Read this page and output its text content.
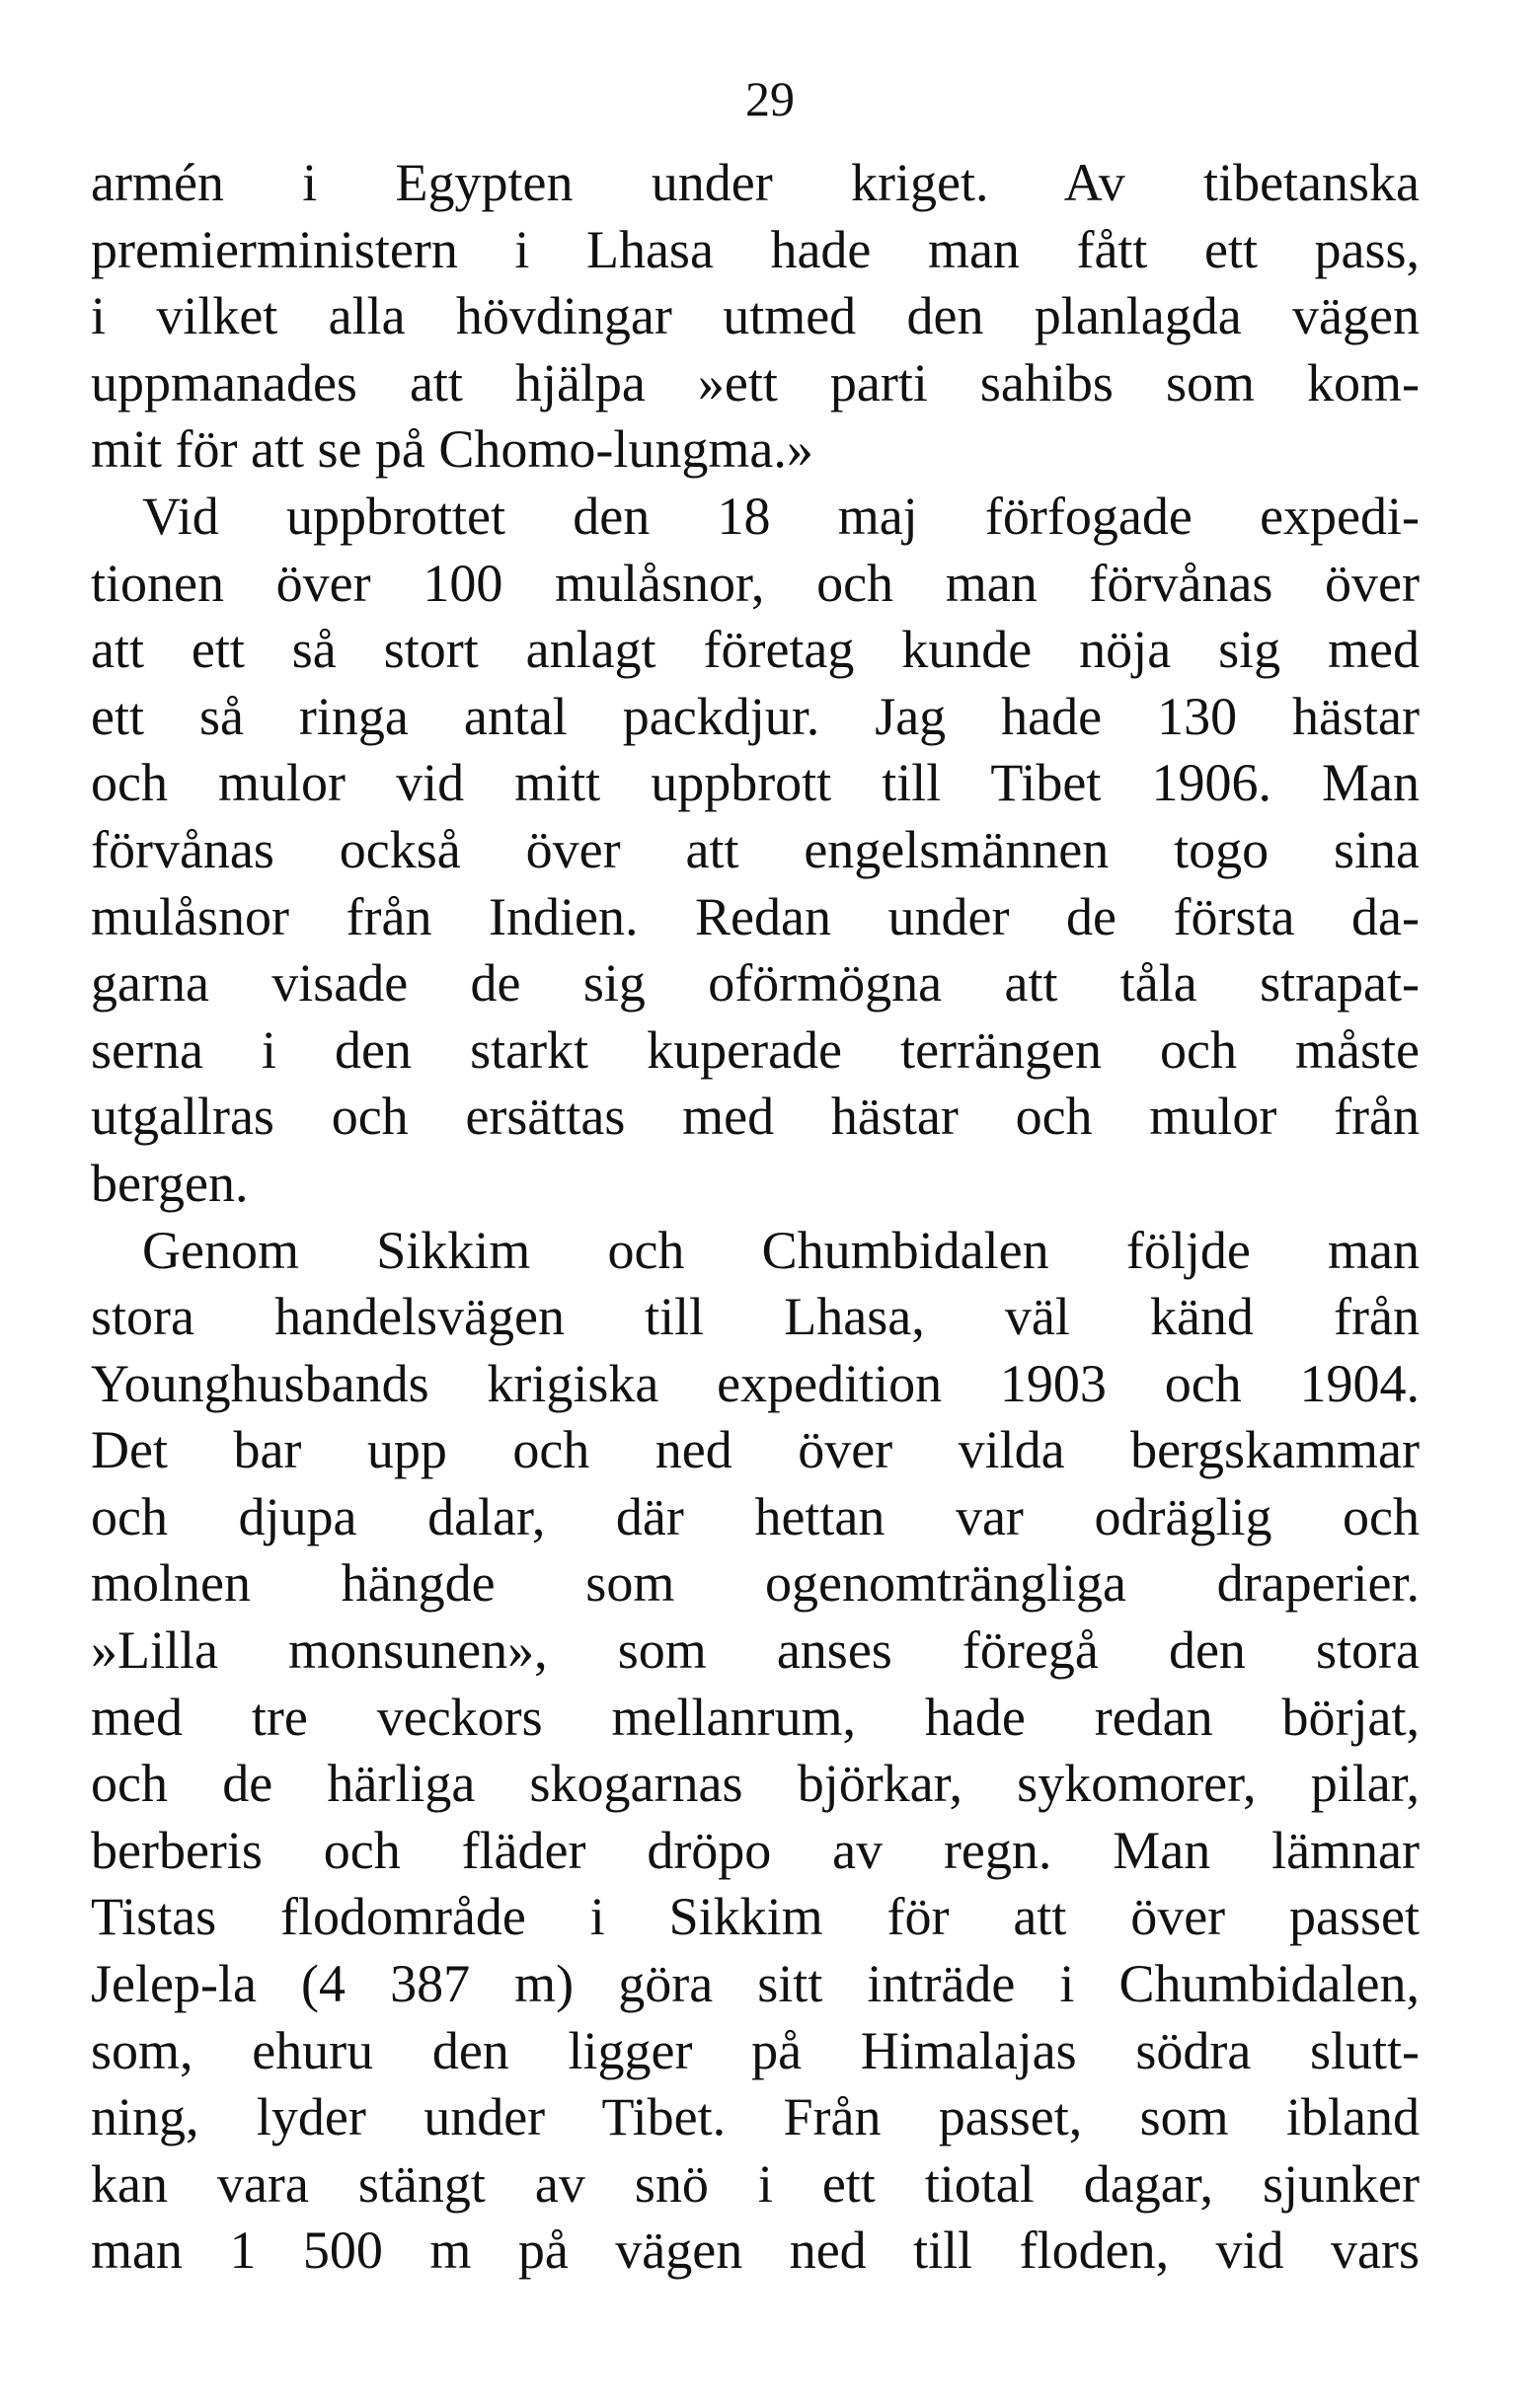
29
armén i Egypten under kriget. Av tibetanska
premierministern i Lhasa hade man fått ett pass,
i vilket alla hövdingar utmed den planlagda vägen
uppmanades att hjälpa »ett parti sahibs som kom-
mit för att se på Chomo-lungma.»
Vid uppbrottet den 18 maj förfogade expedi-
tionen över 100 mulåsnor, och man förvånas över
att ett så stort anlagt företag kunde nöja sig med
ett så ringa antal packdjur. Jag hade 130 hästar
och mulor vid mitt uppbrott till Tibet 1906. Man
förvånas också över att engelsmännen togo sina
mulåsnor från Indien. Redan under de första da-
garna visade de sig oförmögna att tåla strapat-
serna i den starkt kuperade terrängen och måste
utgallras och ersättas med hästar och mulor från
bergen.
Genom Sikkim och Chumbidalen följde man
stora handelsvägen till Lhasa, väl känd från
Younghusbands krigiska expedition 1903 och 1904.
Det bar upp och ned över vilda bergskammar
och djupa dalar, där hettan var odräglig och
molnen hängde som ogenomträngliga draperier.
»Lilla monsunen», som anses föregå den stora
med tre veckors mellanrum, hade redan börjat,
och de härliga skogarnas björkar, sykomorer, pilar,
berberis och fläder dröpo av regn. Man lämnar
Tistas flodområde i Sikkim för att över passet
Jelep-la (4 387 m) göra sitt inträde i Chumbidalen,
som, ehuru den ligger på Himalajas södra slutt-
ning, lyder under Tibet. Från passet, som ibland
kan vara stängt av snö i ett tiotal dagar, sjunker
man 1 500 m på vägen ned till floden, vid vars
